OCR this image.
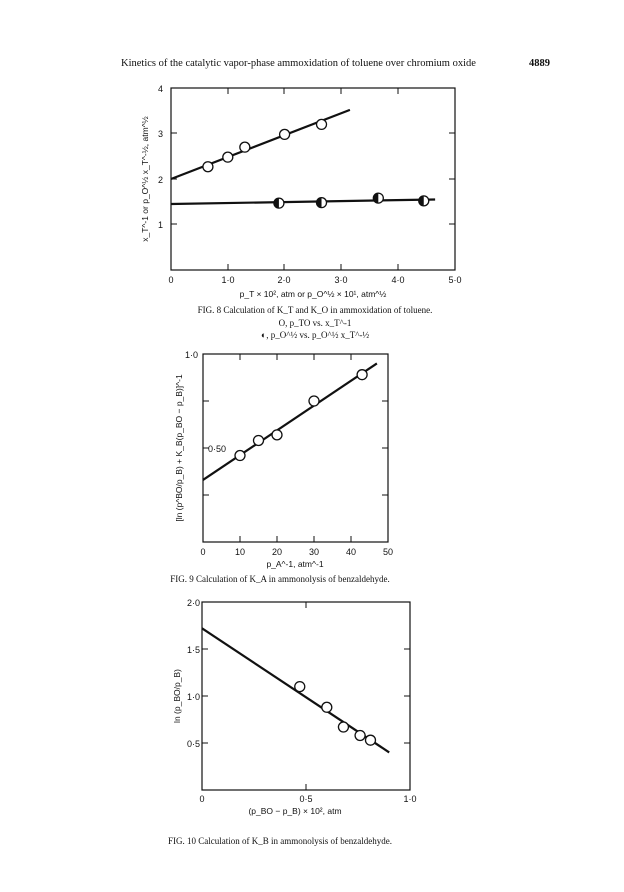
Kinetics of the catalytic vapor-phase ammoxidation of toluene over chromium oxide	4889
4
3
2
1
0	1·0	2·0	3·0	4·0	5·0
p_T × 10², atm or p_O^½ × 10¹, atm^½
x_T^-1 or p_O^½ x_T^-½, atm^½
FIG. 8 Calculation of K_T and K_O in ammoxidation of toluene.
O, p_TO vs. x_T^-1
◐, p_O^½ vs. p_O^½ x_T^-½
1·0
0·50
0	10	20	30	40	50
p_A^-1, atm^-1
[ln (p^BO/p_B) + K_B(p_BO − p_B)]^-1
FIG. 9 Calculation of K_A in ammonolysis of benzaldehyde.
2·0
1·5
1·0
0·5
0	0·5	1·0
(p_BO − p_B) × 10², atm
ln (p_BO/p_B)
FIG. 10 Calculation of K_B in ammonolysis of benzaldehyde.
